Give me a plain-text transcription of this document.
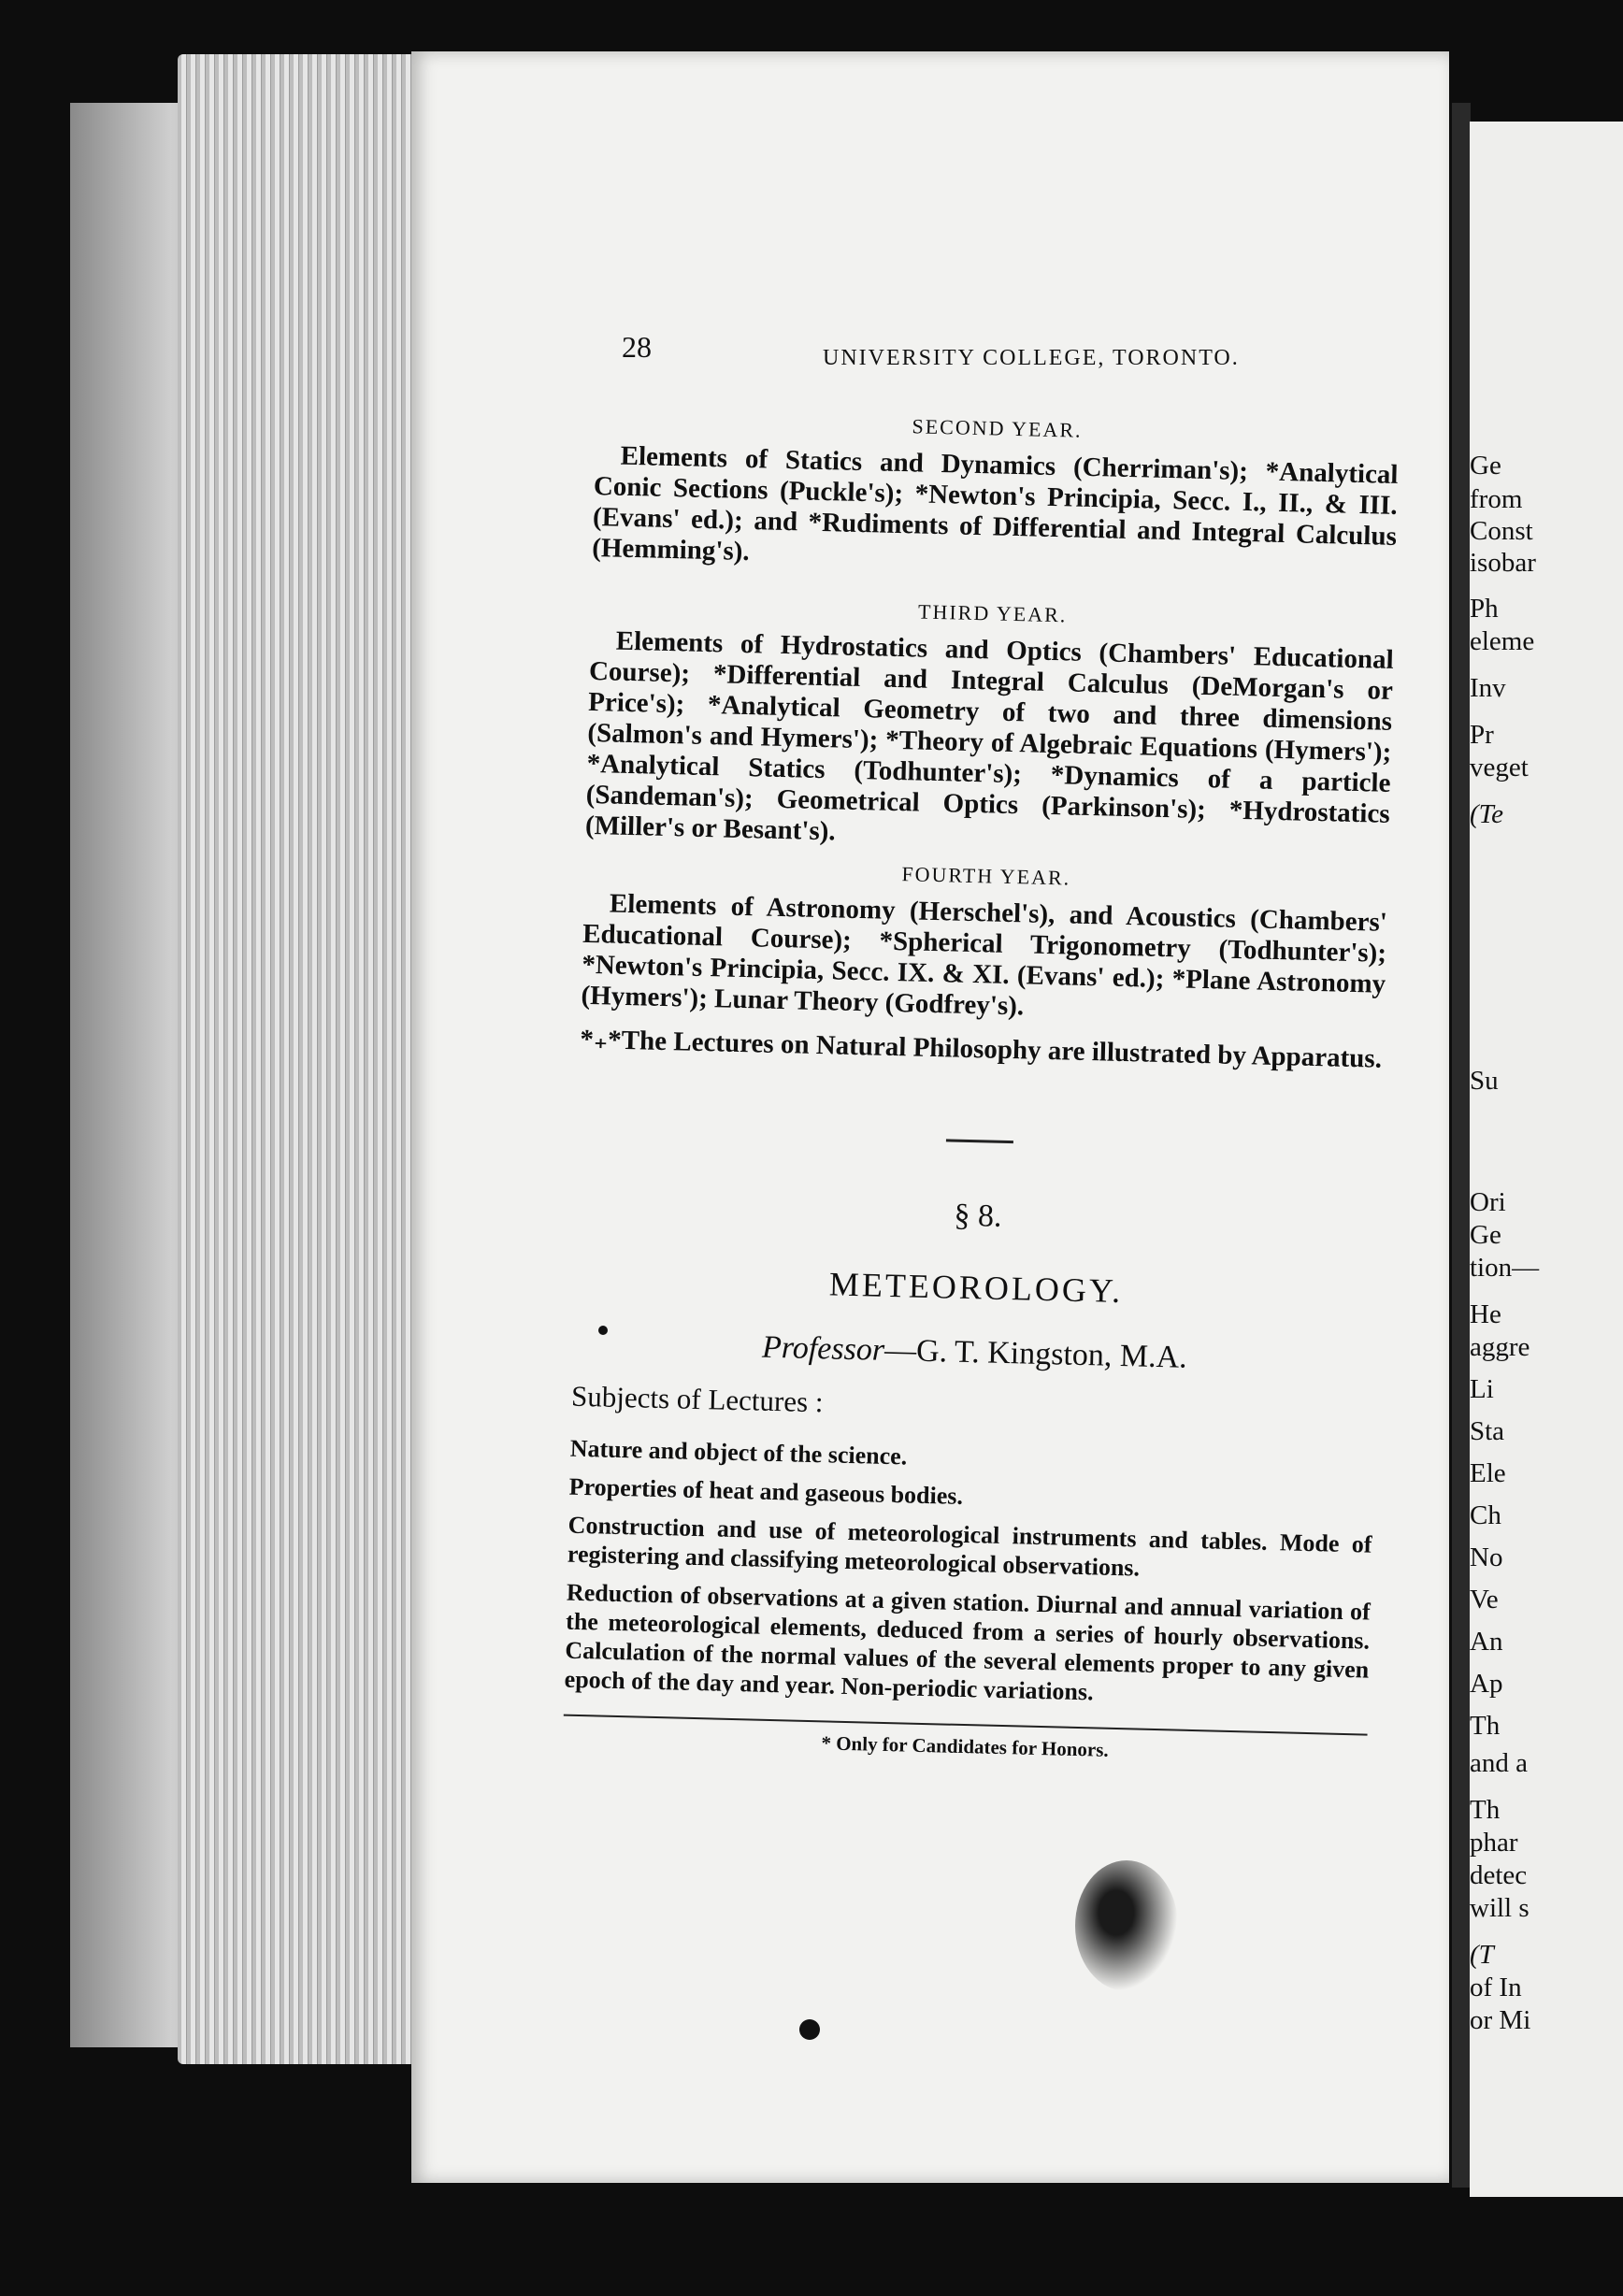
28	UNIVERSITY COLLEGE, TORONTO.
SECOND YEAR.

Elements of Statics and Dynamics (Cherriman's); *Analytical Conic Sections (Puckle's); *Newton's Principia, Secc. I., II., & III. (Evans' ed.); and *Rudiments of Differential and Integral Calculus (Hemming's).

THIRD YEAR.

Elements of Hydrostatics and Optics (Chambers' Educational Course); *Differential and Integral Calculus (DeMorgan's or Price's); *Analytical Geometry of two and three dimensions (Salmon's and Hymers'); *Theory of Algebraic Equations (Hymers'); *Analytical Statics (Todhunter's); *Dynamics of a particle (Sandeman's); Geometrical Optics (Parkinson's); *Hydrostatics (Miller's or Besant's).

FOURTH YEAR.

Elements of Astronomy (Herschel's), and Acoustics (Chambers' Educational Course); *Spherical Trigonometry (Todhunter's); *Newton's Principia, Secc. IX. & XI. (Evans' ed.); *Plane Astronomy (Hymers'); Lunar Theory (Godfrey's).

*₊*The Lectures on Natural Philosophy are illustrated by Apparatus.

§ 8.
METEOROLOGY.
Professor—G. T. Kingston, M.A.
Subjects of Lectures :

Nature and object of the science.

Properties of heat and gaseous bodies.

Construction and use of meteorological instruments and tables. Mode of registering and classifying meteorological observations.

Reduction of observations at a given station. Diurnal and annual variation of the meteorological elements, deduced from a series of hourly observations. Calculation of the normal values of the several elements proper to any given epoch of the day and year. Non-periodic variations.

* Only for Candidates for Honors.
Ge
from
Const
isobar
Ph
eleme
Inv
Pr
veget
(Te
Su
Ori
Ge
tion—
He
aggre
Li
Sta
Ele
Ch
No
Ve
An
Ap
Th
and a
Th
phar
detec
will s
(T
of In
or Mi
